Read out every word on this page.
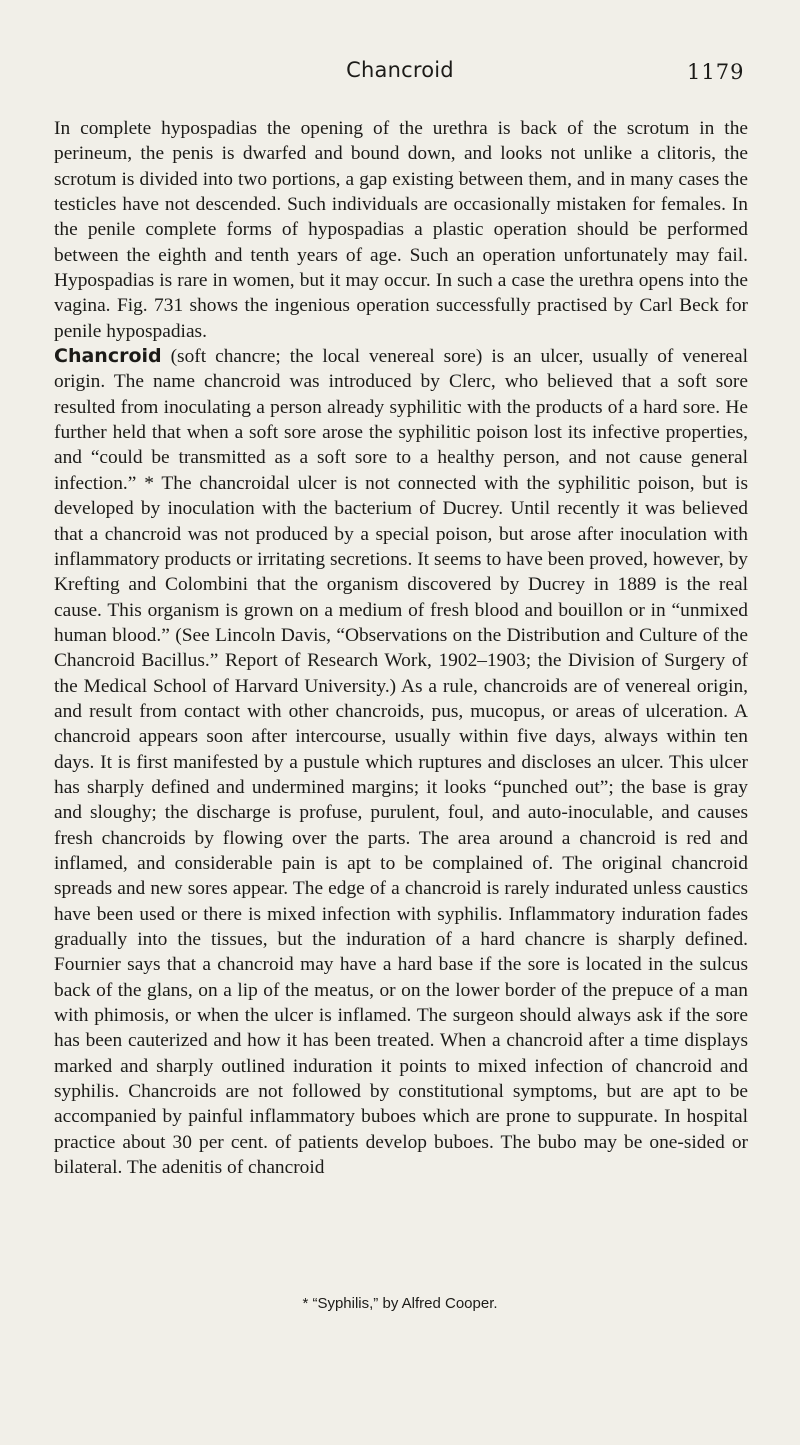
Chancroid	1179

In complete hypospadias the opening of the urethra is back of the scrotum in the perineum, the penis is dwarfed and bound down, and looks not unlike a clitoris, the scrotum is divided into two portions, a gap existing between them, and in many cases the testicles have not descended. Such individuals are occasionally mistaken for females. In the penile complete forms of hypospadias a plastic operation should be performed between the eighth and tenth years of age. Such an operation unfortunately may fail. Hypospadias is rare in women, but it may occur. In such a case the urethra opens into the vagina. Fig. 731 shows the ingenious operation successfully practised by Carl Beck for penile hypospadias.

Chancroid (soft chancre; the local venereal sore) is an ulcer, usually of venereal origin. The name chancroid was introduced by Clerc, who believed that a soft sore resulted from inoculating a person already syphilitic with the products of a hard sore. He further held that when a soft sore arose the syphilitic poison lost its infective properties, and “could be transmitted as a soft sore to a healthy person, and not cause general infection.” * The chancroidal ulcer is not connected with the syphilitic poison, but is developed by inoculation with the bacterium of Ducrey. Until recently it was believed that a chancroid was not produced by a special poison, but arose after inoculation with inflammatory products or irritating secretions. It seems to have been proved, however, by Krefting and Colombini that the organism discovered by Ducrey in 1889 is the real cause. This organism is grown on a medium of fresh blood and bouillon or in “unmixed human blood.” (See Lincoln Davis, “Observations on the Distribution and Culture of the Chancroid Bacillus.” Report of Research Work, 1902–1903; the Division of Surgery of the Medical School of Harvard University.) As a rule, chancroids are of venereal origin, and result from contact with other chancroids, pus, mucopus, or areas of ulceration. A chancroid appears soon after intercourse, usually within five days, always within ten days. It is first manifested by a pustule which ruptures and discloses an ulcer. This ulcer has sharply defined and undermined margins; it looks “punched out”; the base is gray and sloughy; the discharge is profuse, purulent, foul, and auto-inoculable, and causes fresh chancroids by flowing over the parts. The area around a chancroid is red and inflamed, and considerable pain is apt to be complained of. The original chancroid spreads and new sores appear. The edge of a chancroid is rarely indurated unless caustics have been used or there is mixed infection with syphilis. Inflammatory induration fades gradually into the tissues, but the induration of a hard chancre is sharply defined. Fournier says that a chancroid may have a hard base if the sore is located in the sulcus back of the glans, on a lip of the meatus, or on the lower border of the prepuce of a man with phimosis, or when the ulcer is inflamed. The surgeon should always ask if the sore has been cauterized and how it has been treated. When a chancroid after a time displays marked and sharply outlined induration it points to mixed infection of chancroid and syphilis. Chancroids are not followed by constitutional symptoms, but are apt to be accompanied by painful inflammatory buboes which are prone to suppurate. In hospital practice about 30 per cent. of patients develop buboes. The bubo may be one-sided or bilateral. The adenitis of chancroid

* “Syphilis,” by Alfred Cooper.
